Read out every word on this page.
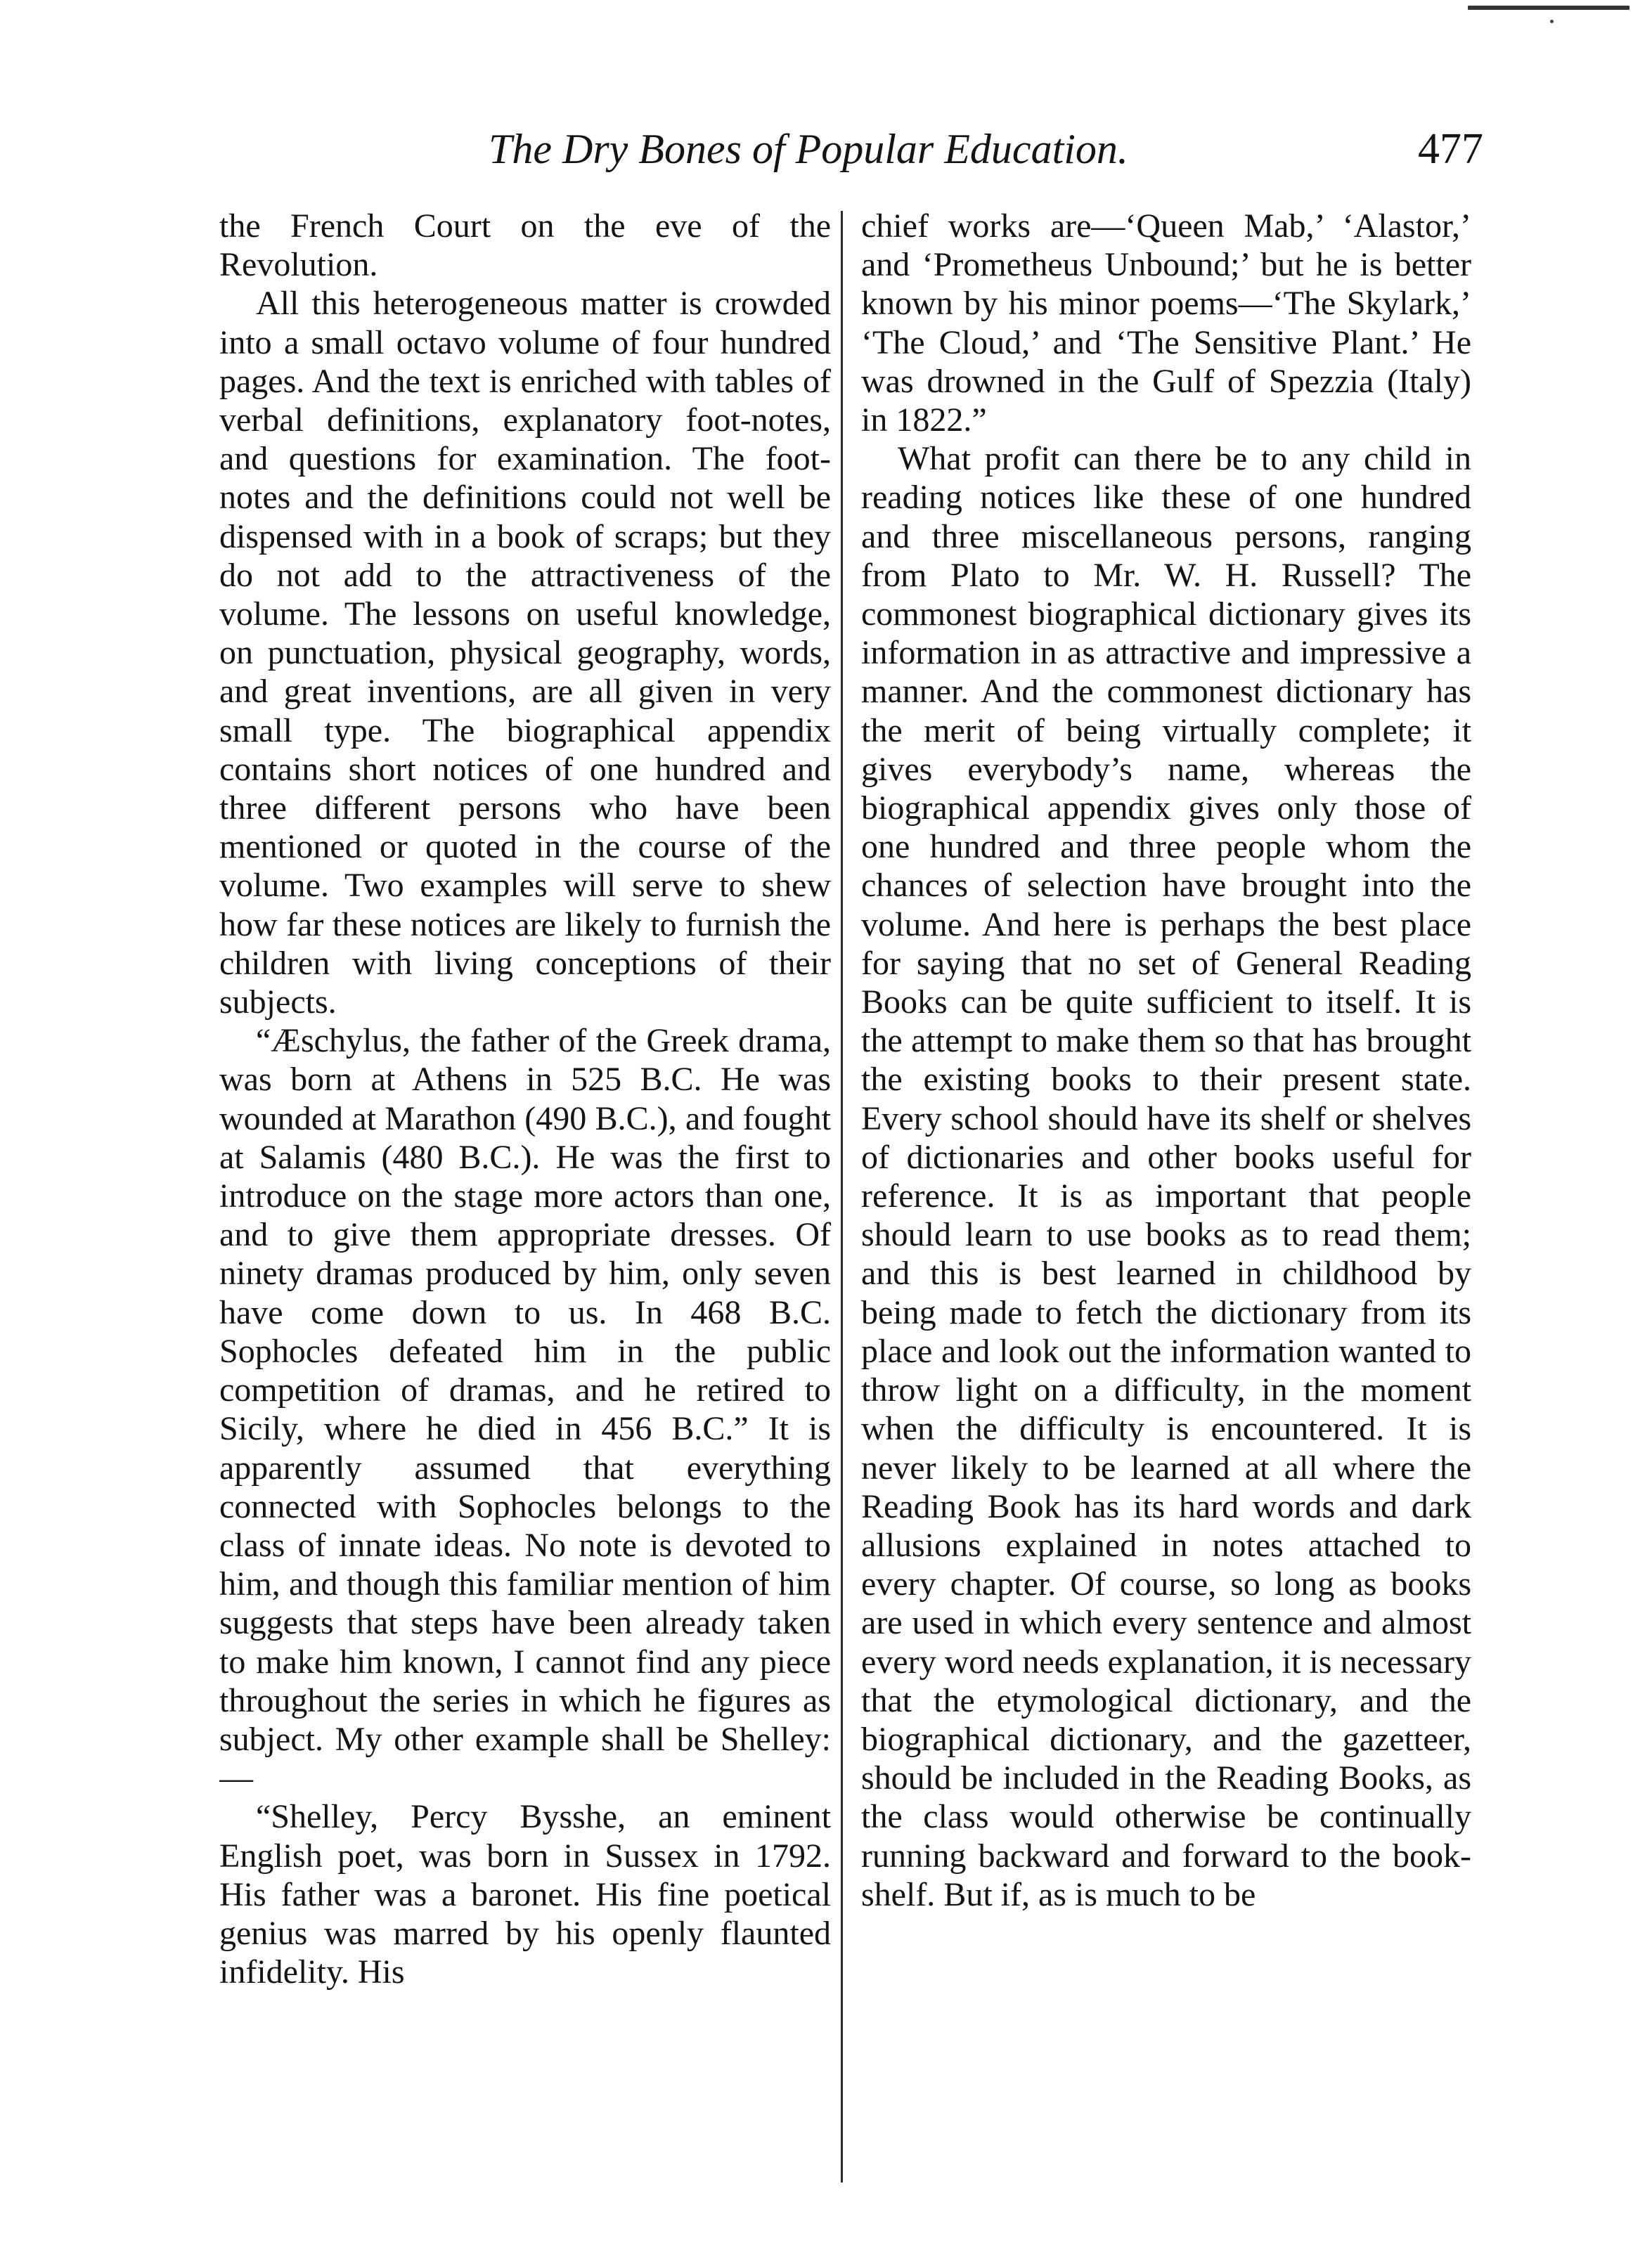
The Dry Bones of Popular Education.	477

the French Court on the eve of the Revolution.

All this heterogeneous matter is crowded into a small octavo volume of four hundred pages. And the text is enriched with tables of verbal definitions, explanatory foot-notes, and questions for examination. The foot-notes and the definitions could not well be dispensed with in a book of scraps; but they do not add to the attractiveness of the volume. The lessons on useful knowledge, on punctuation, physical geography, words, and great inventions, are all given in very small type. The biographical appendix contains short notices of one hundred and three different persons who have been mentioned or quoted in the course of the volume. Two examples will serve to shew how far these notices are likely to furnish the children with living conceptions of their subjects.

“Æschylus, the father of the Greek drama, was born at Athens in 525 B.C. He was wounded at Marathon (490 B.C.), and fought at Salamis (480 B.C.). He was the first to introduce on the stage more actors than one, and to give them appropriate dresses. Of ninety dramas produced by him, only seven have come down to us. In 468 B.C. Sophocles defeated him in the public competition of dramas, and he retired to Sicily, where he died in 456 B.C.” It is apparently assumed that everything connected with Sophocles belongs to the class of innate ideas. No note is devoted to him, and though this familiar mention of him suggests that steps have been already taken to make him known, I cannot find any piece throughout the series in which he figures as subject. My other example shall be Shelley:—

“Shelley, Percy Bysshe, an eminent English poet, was born in Sussex in 1792. His father was a baronet. His fine poetical genius was marred by his openly flaunted infidelity. His

chief works are—‘Queen Mab,’ ‘Alastor,’ and ‘Prometheus Unbound;’ but he is better known by his minor poems—‘The Skylark,’ ‘The Cloud,’ and ‘The Sensitive Plant.’ He was drowned in the Gulf of Spezzia (Italy) in 1822.”

What profit can there be to any child in reading notices like these of one hundred and three miscellaneous persons, ranging from Plato to Mr. W. H. Russell? The commonest biographical dictionary gives its information in as attractive and impressive a manner. And the commonest dictionary has the merit of being virtually complete; it gives everybody’s name, whereas the biographical appendix gives only those of one hundred and three people whom the chances of selection have brought into the volume. And here is perhaps the best place for saying that no set of General Reading Books can be quite sufficient to itself. It is the attempt to make them so that has brought the existing books to their present state. Every school should have its shelf or shelves of dictionaries and other books useful for reference. It is as important that people should learn to use books as to read them; and this is best learned in childhood by being made to fetch the dictionary from its place and look out the information wanted to throw light on a difficulty, in the moment when the difficulty is encountered. It is never likely to be learned at all where the Reading Book has its hard words and dark allusions explained in notes attached to every chapter. Of course, so long as books are used in which every sentence and almost every word needs explanation, it is necessary that the etymological dictionary, and the biographical dictionary, and the gazetteer, should be included in the Reading Books, as the class would otherwise be continually running backward and forward to the book-shelf. But if, as is much to be
